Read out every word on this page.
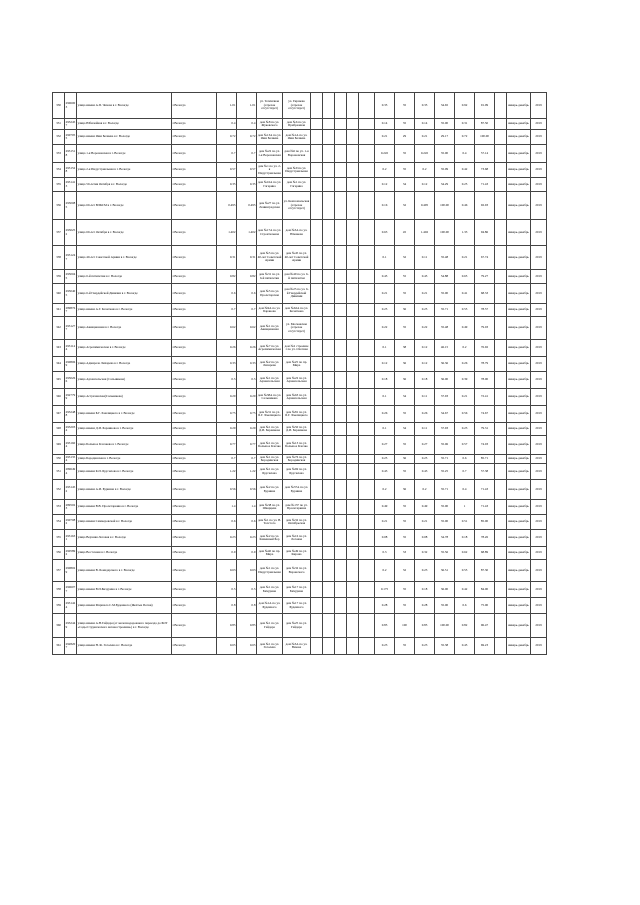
330	2906003	улица имени А.П. Чехова в г. Вологде	г.Вологда	1.01	1.01	ул. Тепличная (отрезок отсутствует)	ул. Гиршева (отрезок отсутствует)						0.35	35	0.35	34.65	0.92	91.09		январь-декабрь	2019
331	2932457	улица Юбилейная в г. Вологде	г.Вологда	0.4	0.4	дом №8 по ул. Жуковского	дом №6 по ул. Прибрежная						0.14	35	0.14	35.00	0.31	87.50		январь-декабрь	2019
332	2907055	улица имени Яши Беляева в г. Вологде	г.Вологда	0.72	0.72	дом №13А по ул. Яши Беляева	дом №1А по ул. Яши Беляева						0.21	29	0.21	29.17	0.72	100.00		январь-декабрь	2019
333	2931518	улица 1-я Вороновская в г. Вологде	г.Вологда	0.7	0.7	дом №22 по ул. 1-я Вороновская	дом №6 по ул. 1-я Вороновская						0.245	35	0.245	35.00	0.4	57.14		январь-декабрь	2019
334	2931528	улица 2-я Индустриальная в г. Вологде	г.Вологда	0.57	0.57	дом №1 по ул. 2-я Индустриальная	дом №9 по ул. Индустриальная						0.2	35	0.2	35.09	0.42	73.68		январь-декабрь	2019
335	2931413	улица 50-летия Октября в г. Вологде	г.Вологда	0.35	0.35	дом №16А по ул. Гагарина	дом №1 по ул. Гагарина						0.12	34	0.12	34.29	0.25	71.43		январь-декабрь	2019
336	2930085	улица 60-лет ВЛКСМ в г. Вологде	г.Вологда	0.495	0.495	дом №27 по ул. Ленинградская	ул. Комсомольская (отрезок отсутствует)						0.16	32	0.495	100.00	0.46	92.93		январь-декабрь	2019
337	2930252	улица 60-лет Октября в г. Вологде	г.Вологда	1.402	1.402	дом №17А по ул. Строительная	дом №3А по ул. Южакова						0.63	45	1.402	100.00	1.33	94.86		январь-декабрь	2019
338	2931247	улица 40-лет Советской Армии в г. Вологде	г.Вологда	0.31	0.31	дом №5 по ул. 40-лет Советской Армии	дом №45 по ул. 40-лет Советской Армии						0.1	32	0.11	35.48	0.21	67.74		январь-декабрь	2019
339	2930045	улица 6-й пятилетки в г. Вологде	г.Вологда	0.82	0.82	дом №31 по ул. 6-й пятилетки	дом №49 по ул. 6-й пятилетки						0.45	55	0.45	54.88	0.65	79.27		январь-декабрь	2019
340	2930405	улица 6-й Гвардейской Дивизии в г. Вологде	г.Вологда	0.6	0.6	дом №5 по ул. Пролетарская	дом №25 по ул. 6-й Гвардейской Дивизии						0.21	35	0.21	35.00	0.41	68.33		январь-декабрь	2019
341	2898767	улица имени А.Г. Кочетковa в г. Вологде	г.Вологда	0.7	0.7	дом №9А по ул. Баранова	дом №62А по ул. Кочеткова						0.25	36	0.25	35.71	0.55	78.57		январь-декабрь	2019
342	2931277	улица Авиационная в г. Вологде	г.Вологда	0.62	0.62	дом №1 по ул. Авиационная	ул. Московская (отрезок отсутствует)						0.22	35	0.22	35.48	0.49	79.03		январь-декабрь	2019
343	2931144	улица Агрохимическая в г. Вологде	г.Вологда	0.26	0.26	дом №7 по ул. Агрохимическая	дом №2 строение 1 по ул. Охотная						0.1	38	0.12	46.15	0.2	76.92		январь-декабрь	2019
344	2908069	улица Адмирала Лихарева в г. Вологде	г.Вологда	0.33	0.33	дом №2 по ул. Лихарева	дом №25 по пр. Мира						0.12	36	0.12	36.36	0.26	78.79		январь-декабрь	2019
345	2930266	улица Архангельская (Сальникова)	г.Вологда	0.5	0.5	дом №1 по ул. Архангельская	дом №22 по ул. Архангельская						0.18	36	0.18	36.00	0.39	78.00		январь-декабрь	2019
346	2927799	улица Астраханская(Сальникова)	г.Вологда	0.29	0.29	дом №38А по ул. Сальникова	дом №63 по ул. Архангельская						0.1	34	0.11	37.93	0.21	72.41		январь-декабрь	2019
347	2932488	улица имени Б.Г. Хмелицкого в г. Вологде	г.Вологда	0.75	0.75	дом №31 по ул. Б.Г. Хмелицкого	дом №81 по ул. Б.Г. Хмелицкого						0.26	35	0.26	34.67	0.56	74.67		январь-декабрь	2019
348	2932034	улица имени Д.И. Бараинова в г. Вологде	г.Вологда	0.29	0.29	дом №1 по ул. Д.И. Бараинова	дом №50 по ул. Д.И. Бараинова						0.1	34	0.11	37.93	0.23	79.31		январь-декабрь	2019
349	2931604	улица Большое Клочкова в г. Вологде	г.Вологда	0.77	0.77	дом №1 по ул. Большое Клочко	дом №13 по ул. Большое Клочко						0.27	35	0.27	35.06	0.57	74.03		январь-декабрь	2019
350	2931354	улица Бородинская в г. Вологде	г.Вологда	0.7	0.7	дом №1 по ул. Бородинская	дом №76 по ул. Бородинская						0.25	36	0.25	35.71	0.6	85.71		январь-декабрь	2019
351	2896494	улица имени К.П. Брусилова в г. Вологде	г.Вологда	1.22	1.22	дом №1 по ул. Брусилова	дом №69 по ул. Брусилова						0.43	35	0.43	35.25	0.7	57.38		январь-декабрь	2019
352	2931452	улица имени А.И. Бурнина в г. Вологде	г.Вологда	0.56	0.56	дом №2 по ул. Бурнина	дом №37А по ул. Бурнина						0.2	36	0.2	35.71	0.4	71.43		январь-декабрь	2019
353	2895023	улица имени В.В. Пролетаркина в г. Вологде	г.Вологда	1.4	1.4	дом №38 по ул. Шварцева	дом №137 по ул. Пролетаркина						0.49	35	0.49	35.00	1	71.43		январь-декабрь	2019
354	2907082	улица имени Саммеровской в г. Вологде	г.Вологда	0.6	0.6	дом №1 по ул. В. Толстого	дом №32 по ул. Октябрьская						0.21	35	0.21	35.00	0.51	85.00		январь-декабрь	2019
355	2931631	улица Верхняя Логовая в г. Вологде	г.Вологда	0.23	0.23	дом №2 по ул. Каменный Бор	дом №16 по ул. Логовая						0.08	35	0.08	34.78	0.18	78.26		январь-декабрь	2019
356	2905892	улица Восточная в г. Вологде	г.Вологда	0.9	0.9	дом №40 по пр. Мира	дом №49 по ул. Кирова						0.3	33	0.32	35.56	0.62	68.89		январь-декабрь	2019
357	2908029	улица имени В. Бомадарского в г. Вологде	г.Вологда	0.63	0.63	дом №1 по ул. Индустриальная	дом №32 по ул. Воронского						0.2	32	0.23	36.51	0.55	87.30		январь-декабрь	2019
358	2906077	улица имени В.П.Бичурина в г. Вологде	г.Вологда	0.5	0.5	дом №1 по ул. Бичурина	дом №17 по ул. Бичурина						0.175	35	0.18	36.00	0.42	84.00		январь-декабрь	2019
359	2931424	улица имени Маршала С.М.Буденного (Желтые Пески)	г.Вологда	0.8	0.8	дом №1А по ул. Буденного	дом №17 по ул. Буденного						0.28	35	0.28	35.00	0.6	75.00		январь-декабрь	2019
360	2932449	улица имени А.Н.Гайдара (от железнодорожного переезда до БОТ «Сады Студенческого вагоностроения») в г. Вологде	г.Вологда	0.85	0.85	дом №1 по ул. Гайдара	дом №25 по ул. Гайдара						0.85	100	0.85	100.00	0.82	96.47		январь-декабрь	2019
361	2928207	улица имени Н. Ф. Гоголева в г. Вологде	г.Вологда	0.65	0.65	дом №1 по ул. Гоголева	дом №3А по ул. Вязова						0.23	35	0.23	35.38	0.45	69.23		январь-декабрь	2019
